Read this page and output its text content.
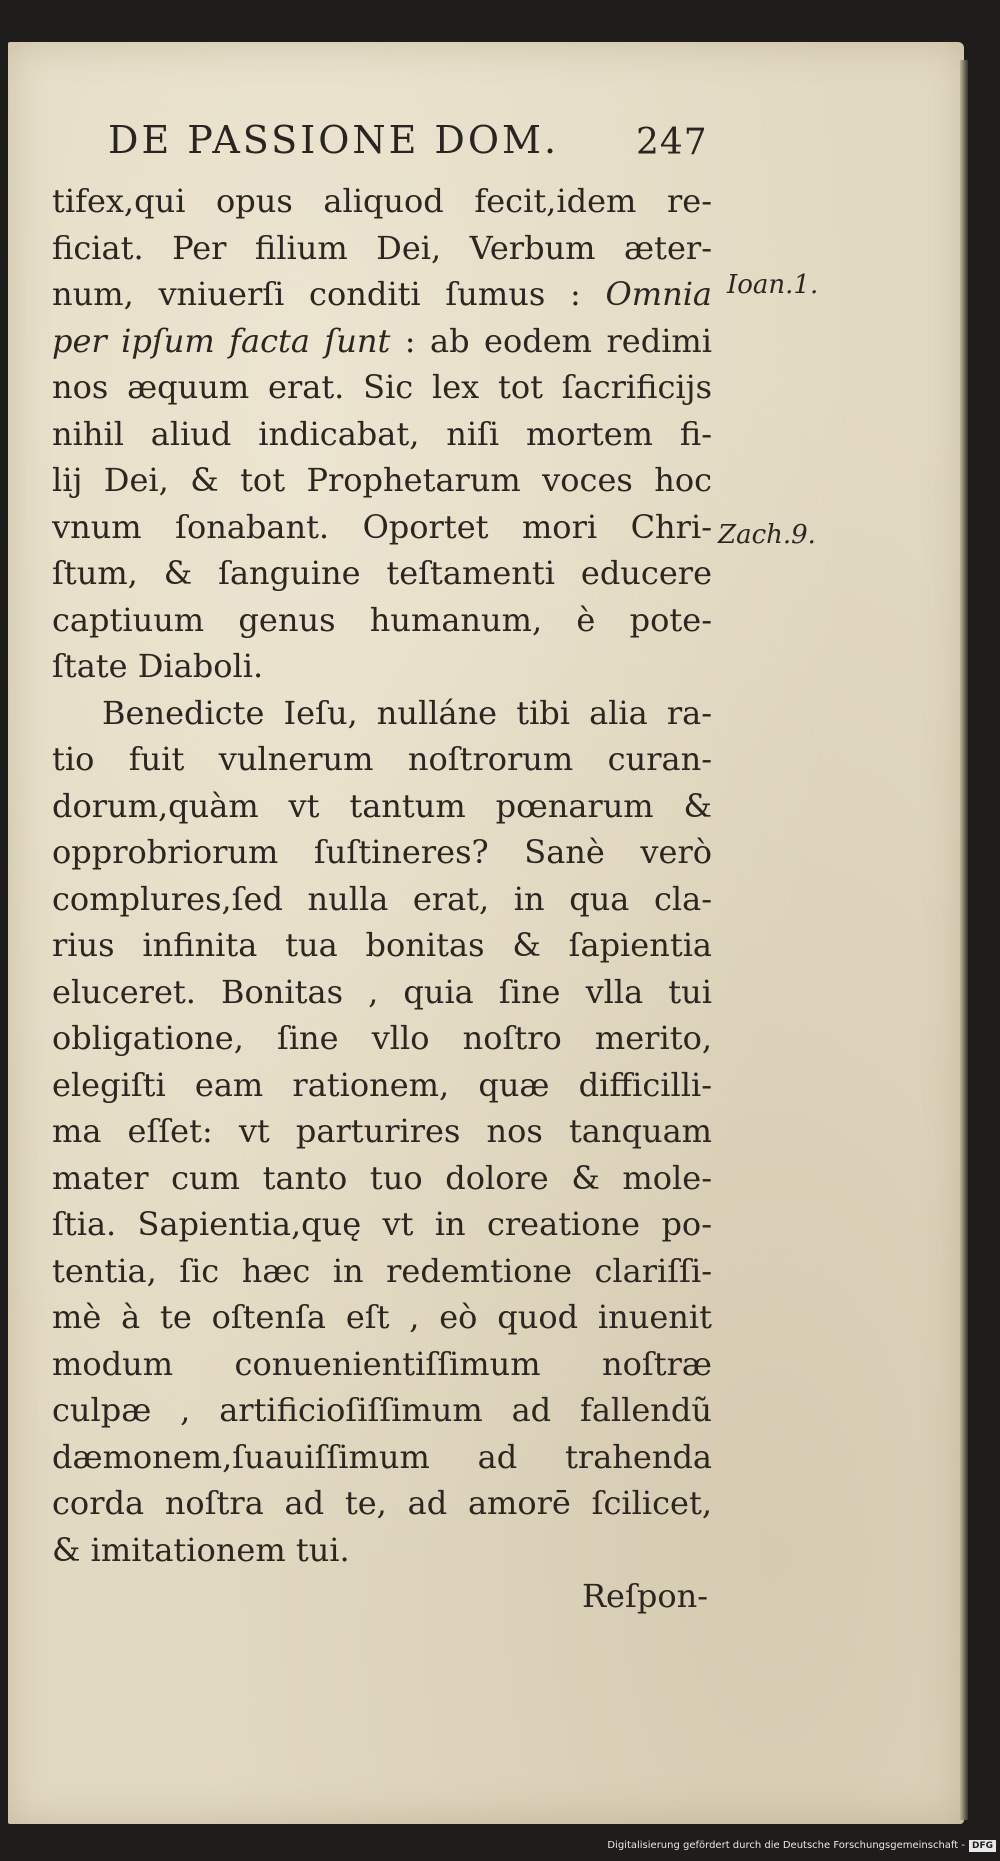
DE PASSIONE DOM. 247
tifex,qui opus aliquod fecit,idem re-
ficiat. Per filium Dei, Verbum æter-
num, vniuerſi conditi ſumus : Omnia
per ipſum facta ſunt : ab eodem redimi
nos æquum erat. Sic lex tot ſacrificijs
nihil aliud indicabat, niſi mortem fi-
lij Dei, & tot Prophetarum voces hoc
vnum ſonabant. Oportet mori Chri-
ſtum, & ſanguine teſtamenti educere
captiuum genus humanum, è pote-
ſtate Diaboli.
Benedicte Ieſu, nulláne tibi alia ra-
tio fuit vulnerum noſtrorum curan-
dorum,quàm vt tantum pœnarum &
opprobriorum ſuſtineres? Sanè verò
complures,ſed nulla erat, in qua cla-
rius infinita tua bonitas & ſapientia
eluceret. Bonitas , quia ſine vlla tui
obligatione, ſine vllo noſtro merito,
elegiſti eam rationem, quæ difficilli-
ma eſſet: vt parturires nos tanquam
mater cum tanto tuo dolore & mole-
ſtia. Sapientia,quę vt in creatione po-
tentia, ſic hæc in redemtione clariſſi-
mè à te oſtenſa eſt , eò quod inuenit
modum conuenientiſſimum noſtræ
culpæ , artificioſiſſimum ad fallendũ
dæmonem,ſuauiſſimum ad trahenda
corda noſtra ad te, ad amorē ſcilicet,
& imitationem tui.
Reſpon-
Ioan.1.
Zach.9.
Digitalisierung gefördert durch die Deutsche Forschungsgemeinschaft - DFG
